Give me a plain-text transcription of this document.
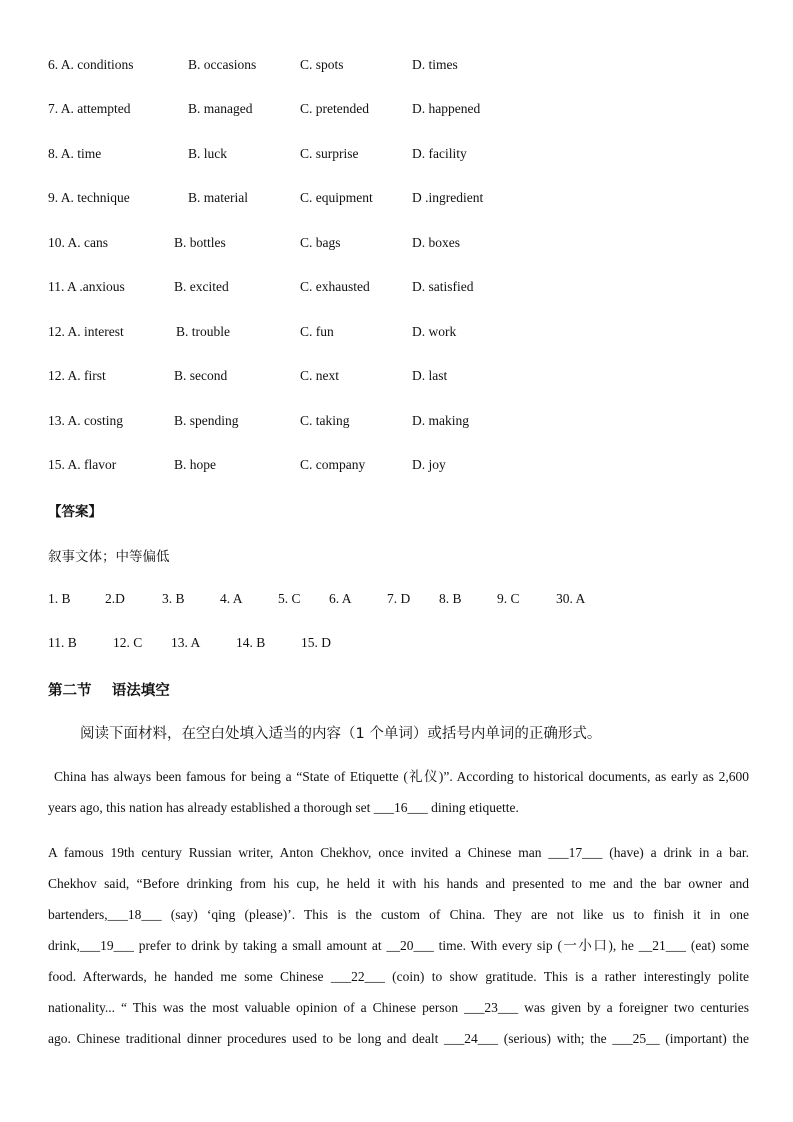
6. A. conditions	B. occasions	C. spots	D. times
7. A. attempted	B. managed	C. pretended	D. happened
8. A. time	B. luck	C. surprise	D. facility
9. A. technique	B. material	C. equipment	D .ingredient
10. A. cans	B. bottles	C. bags	D. boxes
11. A .anxious	B. excited	C. exhausted	D. satisfied
12. A. interest	B. trouble	C. fun	D. work
12. A. first	B. second	C. next	D. last
13. A. costing	B. spending	C. taking	D. making
15. A. flavor	B. hope	C. company	D. joy
【答案】
叙事文体；中等偏低
1. B	2.D	3. B	4. A	5. C 6. A	7. D 8. B	9. C	30. A
11. B	12. C 13. A	14. B	15. D
第二节    语法填空
阅读下面材料，在空白处填入适当的内容（1 个单词）或括号内单词的正确形式。
China has always been famous for being a “State of Etiquette (礼仪)”. According to historical documents, as early as 2,600
years ago, this nation has already established a thorough set ___16___ dining etiquette.
A famous 19th century Russian writer, Anton Chekhov, once invited a Chinese man ___17___ (have) a drink in a bar.
Chekhov said, “Before drinking from his cup, he held it with his hands and presented to me and the bar owner and
bartenders,___18___ (say) ‘qing (please)’. This is the custom of China. They are not like us to finish it in one
drink,___19___ prefer to drink by taking a small amount at __20___ time. With every sip (一小口), he __21___ (eat) some
food. Afterwards, he handed me some Chinese ___22___ (coin) to show gratitude. This is a rather interestingly polite
nationality... “ This was the most valuable opinion of a Chinese person ___23___ was given by a foreigner two centuries
ago. Chinese traditional dinner procedures used to be long and dealt ___24___ (serious) with; the ___25__ (important) the
